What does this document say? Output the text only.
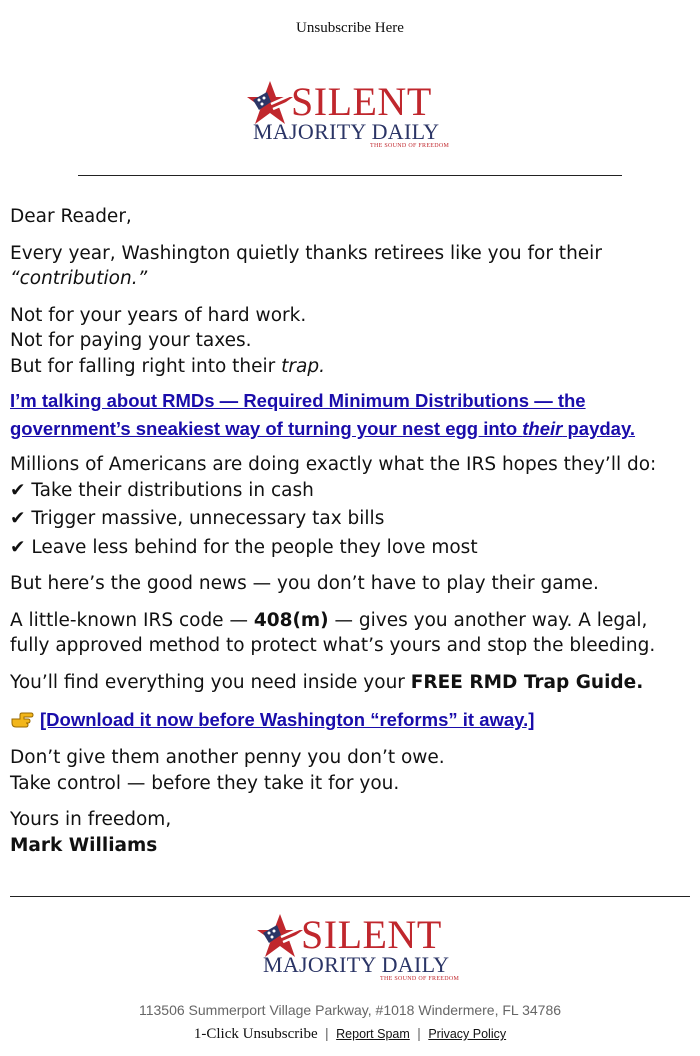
Unsubscribe Here
SILENT
MAJORITY DAILY
THE SOUND OF FREEDOM

Dear Reader,

Every year, Washington quietly thanks retirees like you for their

“contribution.”

Not for your years of hard work.

Not for paying your taxes.

But for falling right into their trap.

I’m talking about RMDs — Required Minimum Distributions — the
government’s sneakiest way of turning your nest egg into their payday.

Millions of Americans are doing exactly what the IRS hopes they’ll do:

✔ Take their distributions in cash

✔ Trigger massive, unnecessary tax bills

✔ Leave less behind for the people they love most

But here’s the good news — you don’t have to play their game.

A little-known IRS code — 408(m) — gives you another way. A legal,

fully approved method to protect what’s yours and stop the bleeding.

You’ll find everything you need inside your FREE RMD Trap Guide.

[Download it now before Washington “reforms” it away.]

Don’t give them another penny you don’t owe.

Take control — before they take it for you.

Yours in freedom,

Mark Williams

SILENT
MAJORITY DAILY
THE SOUND OF FREEDOM
113506 Summerport Village Parkway, #1018 Windermere, FL 34786
1-Click Unsubscribe | Report Spam | Privacy Policy
